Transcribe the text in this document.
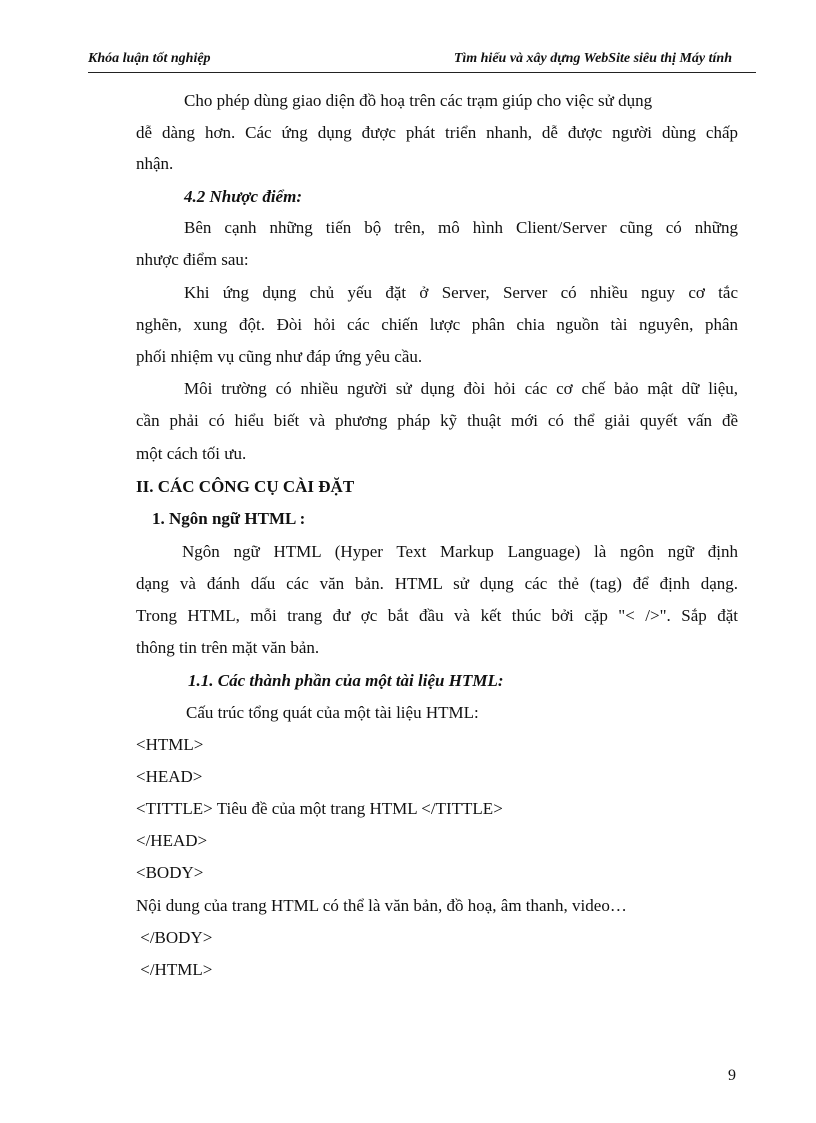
Khóa luận tốt nghiệp	Tìm hiểu và xây dựng WebSite siêu thị Máy tính
Cho phép dùng giao diện đồ hoạ trên các trạm giúp cho việc sử dụng
dễ dàng hơn. Các ứng dụng được phát triển nhanh, dễ được người dùng chấp
nhận.
4.2 Nhược điểm:
Bên cạnh những tiến bộ trên, mô hình Client/Server cũng có những
nhược điểm sau:
Khi ứng dụng chủ yếu đặt ở Server, Server có nhiều nguy cơ tắc
nghẽn, xung đột. Đòi hỏi các chiến lược phân chia nguồn tài nguyên, phân
phối nhiệm vụ cũng như đáp ứng yêu cầu.
Môi trường có nhiều người sử dụng đòi hỏi các cơ chế bảo mật dữ liệu,
cần phải có hiểu biết và phương pháp kỹ thuật mới có thể giải quyết vấn đề
một cách tối ưu.
II. CÁC CÔNG CỤ CÀI ĐẶT
1. Ngôn ngữ HTML :
Ngôn ngữ HTML (Hyper Text Markup Language) là ngôn ngữ định
dạng và đánh dấu các văn bản. HTML sử dụng các thẻ (tag) để định dạng.
Trong HTML, mỗi trang đư ợc bắt đầu và kết thúc bởi cặp "< />". Sắp đặt
thông tin trên mặt văn bản.
1.1. Các thành phần của một tài liệu HTML:
Cấu trúc tổng quát của một tài liệu HTML:
<HTML>
<HEAD>
<TITTLE> Tiêu đề của một trang HTML </TITTLE>
</HEAD>
<BODY>
Nội dung của trang HTML có thể là văn bản, đồ hoạ, âm thanh, video…
</BODY>
</HTML>
9
